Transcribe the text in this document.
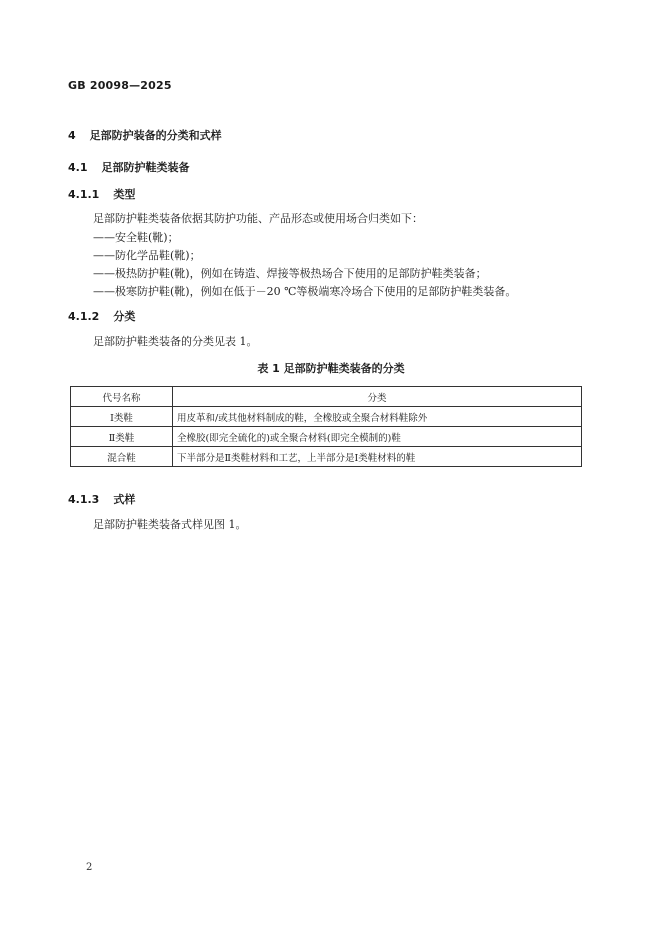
GB 20098—2025
4 足部防护装备的分类和式样
4.1 足部防护鞋类装备
4.1.1 类型
足部防护鞋类装备依据其防护功能、产品形态或使用场合归类如下：
——安全鞋(靴)；
——防化学品鞋(靴)；
——极热防护鞋(靴)，例如在铸造、焊接等极热场合下使用的足部防护鞋类装备；
——极寒防护鞋(靴)，例如在低于－20 ℃等极端寒冷场合下使用的足部防护鞋类装备。
4.1.2 分类
足部防护鞋类装备的分类见表 1。
表 1 足部防护鞋类装备的分类
代号名称	分类
Ⅰ类鞋	用皮革和/或其他材料制成的鞋，全橡胶或全聚合材料鞋除外
Ⅱ类鞋	全橡胶(即完全硫化的)或全聚合材料(即完全模制的)鞋
混合鞋	下半部分是Ⅱ类鞋材料和工艺，上半部分是Ⅰ类鞋材料的鞋
4.1.3 式样
足部防护鞋类装备式样见图 1。
2
